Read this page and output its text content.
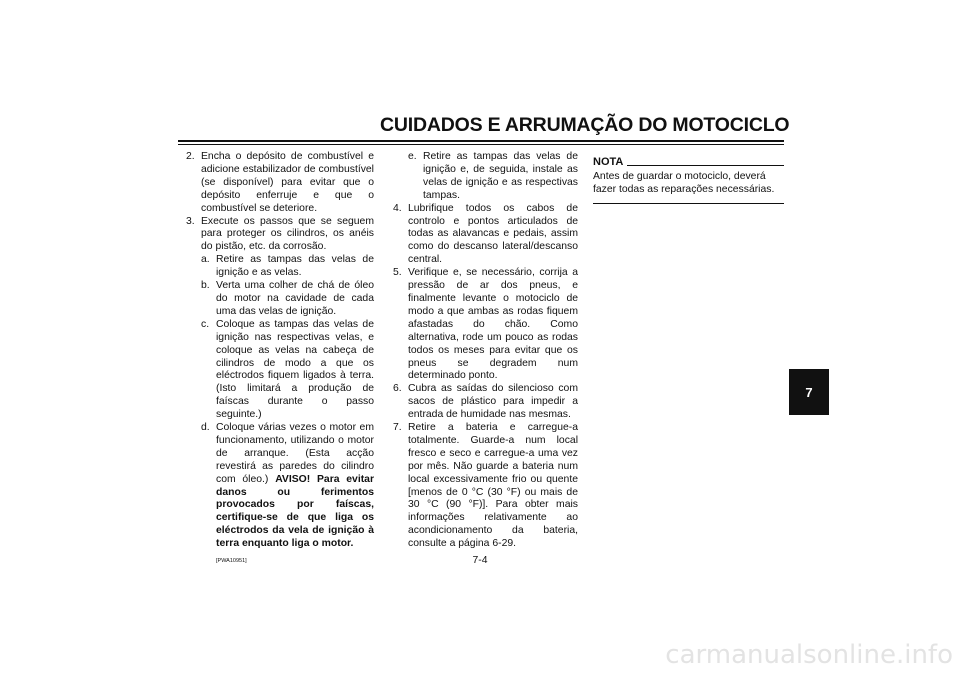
CUIDADOS E ARRUMAÇÃO DO MOTOCICLO

2. Encha o depósito de combustível e adicione estabilizador de combustível (se disponível) para evitar que o depósito enferruje e que o combustível se deteriore.

3. Execute os passos que se seguem para proteger os cilindros, os anéis do pistão, etc. da corrosão.

a. Retire as tampas das velas de ignição e as velas.

b. Verta uma colher de chá de óleo do motor na cavidade de cada uma das velas de ignição.

c. Coloque as tampas das velas de ignição nas respectivas velas, e coloque as velas na cabeça de cilindros de modo a que os eléctrodos fiquem ligados à terra. (Isto limitará a produção de faíscas durante o passo seguinte.)

d. Coloque várias vezes o motor em funcionamento, utilizando o motor de arranque. (Esta acção revestirá as paredes do cilindro com óleo.) AVISO! Para evitar danos ou ferimentos provocados por faíscas, certifique-se de que liga os eléctrodos da vela de ignição à terra enquanto liga o motor.

[PWA10951]

e. Retire as tampas das velas de ignição e, de seguida, instale as velas de ignição e as respectivas tampas.

4. Lubrifique todos os cabos de controlo e pontos articulados de todas as alavancas e pedais, assim como do descanso lateral/descanso central.

5. Verifique e, se necessário, corrija a pressão de ar dos pneus, e finalmente levante o motociclo de modo a que ambas as rodas fiquem afastadas do chão. Como alternativa, rode um pouco as rodas todos os meses para evitar que os pneus se degradem num determinado ponto.

6. Cubra as saídas do silencioso com sacos de plástico para impedir a entrada de humidade nas mesmas.

7. Retire a bateria e carregue-a totalmente. Guarde-a num local fresco e seco e carregue-a uma vez por mês. Não guarde a bateria num local excessivamente frio ou quente [menos de 0 °C (30 °F) ou mais de 30 °C (90 °F)]. Para obter mais informações relativamente ao acondicionamento da bateria, consulte a página 6-29.

NOTA
Antes de guardar o motociclo, deverá fazer todas as reparações necessárias.
7
7-4
carmanualsonline.info
